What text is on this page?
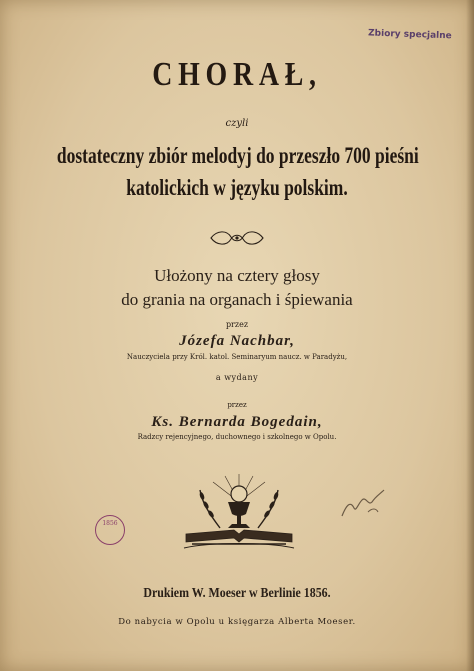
Zbiory specjalne
CHORAŁ,
czyli
dostateczny zbiór melodyj do przeszło 700 pieśni
katolickich w języku polskim.
Ułożony na cztery głosy
do grania na organach i śpiewania
przez
Józefa Nachbar,
Nauczyciela przy Król. katol. Seminaryum naucz. w Paradyżu,
a wydany
przez
Ks. Bernarda Bogedain,
Radzcy rejencyjnego, duchownego i szkolnego w Opolu.
1856
Drukiem W. Moeser w Berlinie 1856.
Do nabycia w Opolu u księgarza Alberta Moeser.
